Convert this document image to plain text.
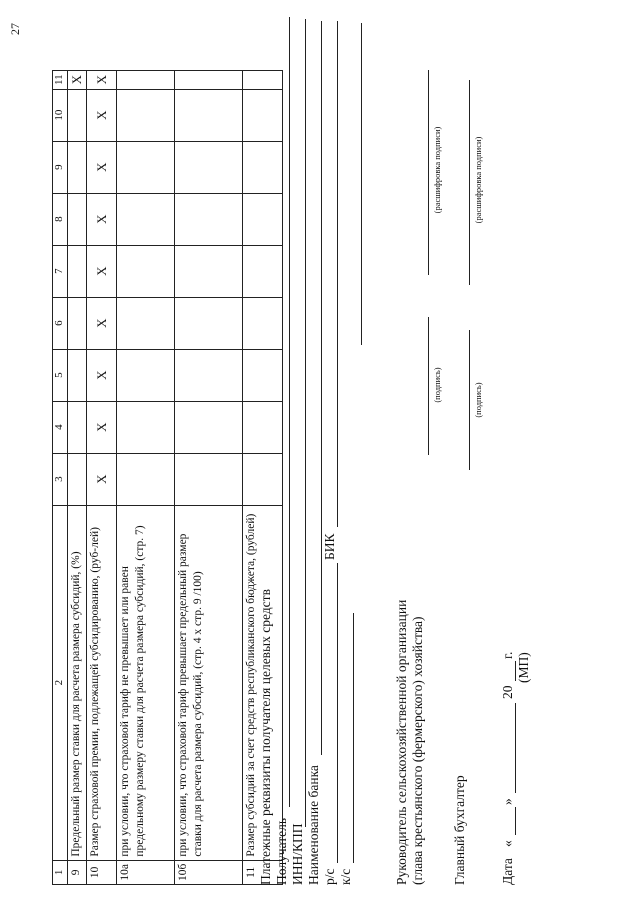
27
1	2	3	4	5	6	7	8	9	10	11
9	Предельный размер ставки для расчета размера субсидий, (%)									X
10	Размер страховой премии, подлежащей субсидированию, (руб-лей)	X	X	X	X	X	X	X	X	X
10а	при условии, что страховой тариф не превышает или равен предельному размеру ставки для расчета размера субсидий, (стр. 7)									
10б	при условии, что страховой тариф превышает предельный размер ставки для расчета размера субсидий, (стр. 4 x стр. 9 /100)									
11	Размер субсидий за счет средств республиканского бюджета, (рублей)									Платежные реквизиты получателя целевых средств Получатель ИНН/КПП Наименование банка р/с
БИК
к/с	Руководитель сельскохозяйственной организации (глава крестьянского (фермерского) хозяйства)
(подпись)
(расшифровка подписи)
Главный бухгалтер
(подпись)
(расшифровка подписи)
Дата
«
»
20
г. (МП)
